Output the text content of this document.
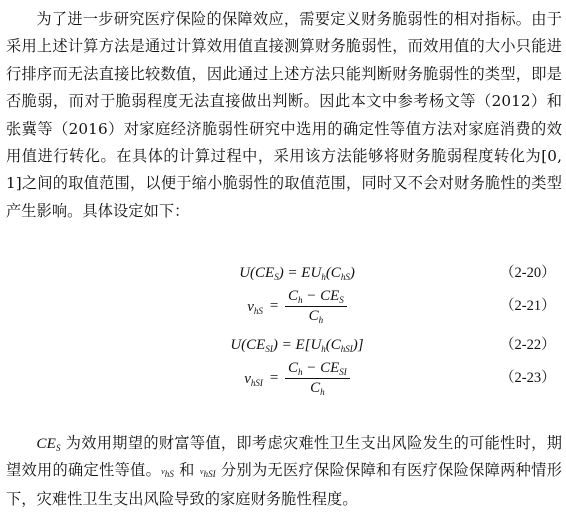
为了进一步研究医疗保险的保障效应，需要定义财务脆弱性的相对指标。由于采用上述计算方法是通过计算效用值直接测算财务脆弱性，而效用值的大小只能进行排序而无法直接比较数值，因此通过上述方法只能判断财务脆弱性的类型，即是否脆弱，而对于脆弱程度无法直接做出判断。因此本文中参考杨文等（2012）和张冀等（2016）对家庭经济脆弱性研究中选用的确定性等值方法对家庭消费的效用值进行转化。在具体的计算过程中，采用该方法能够将财务脆弱程度转化为[0, 1]之间的取值范围，以便于缩小脆弱性的取值范围，同时又不会对财务脆性的类型产生影响。具体设定如下：

$U(CE_S) = EU_h(C_{hS})$	（2-20）
$v_{hS} = \frac{C_h - CE_S}{C_h}$	（2-21）
$U(CE_{SI}) = E[U_h(C_{hSI})]$	（2-22）
$v_{hSI} = \frac{C_h - CE_{SI}}{C_h}$	（2-23）

$CE_S$ 为效用期望的财富等值，即考虑灾难性卫生支出风险发生的可能性时，期望效用的确定性等值。vhS 和 vhSI 分别为无医疗保险保障和有医疗保险保障两种情形下，灾难性卫生支出风险导致的家庭财务脆性程度。
